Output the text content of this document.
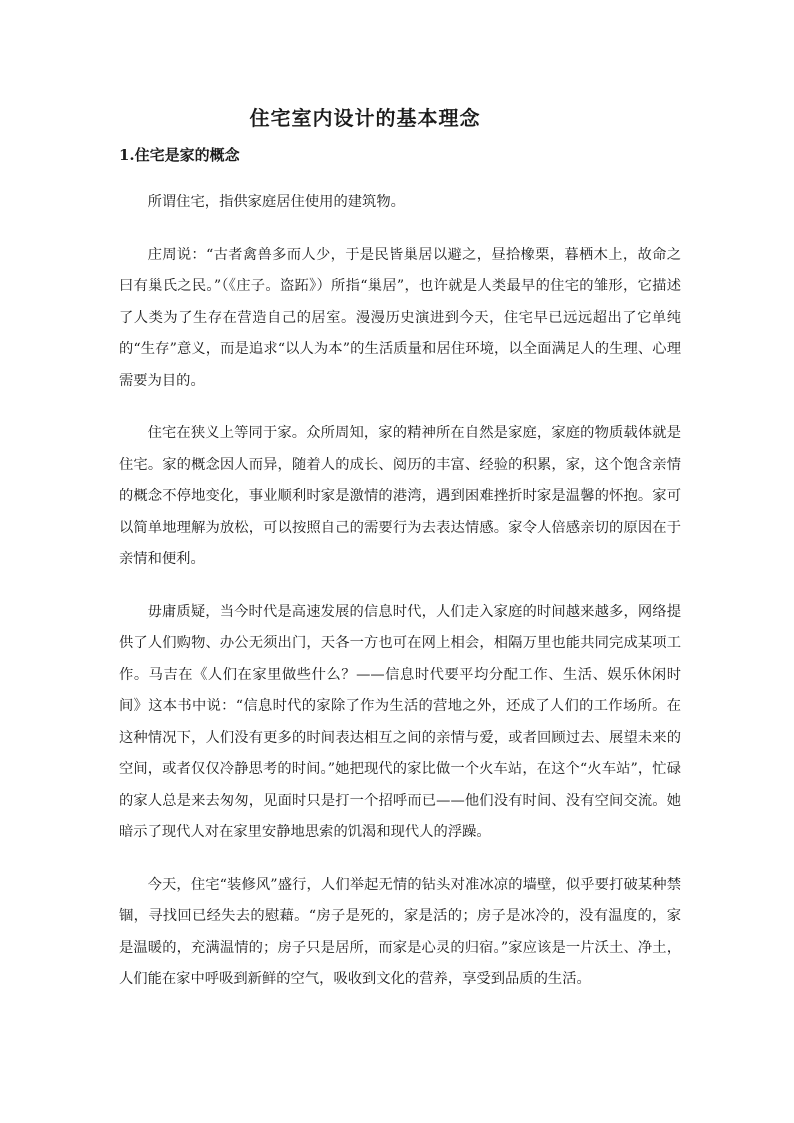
住宅室内设计的基本理念
1.住宅是家的概念

所谓住宅，指供家庭居住使用的建筑物。

庄周说：“古者禽兽多而人少，于是民皆巢居以避之，昼拾橡栗，暮栖木上，故命之曰有巢氏之民。”（《庄子。盗跖》）所指“巢居”，也许就是人类最早的住宅的雏形，它描述了人类为了生存在营造自己的居室。漫漫历史演进到今天，住宅早已远远超出了它单纯的“生存”意义，而是追求“以人为本”的生活质量和居住环境，以全面满足人的生理、心理需要为目的。

住宅在狭义上等同于家。众所周知，家的精神所在自然是家庭，家庭的物质载体就是住宅。家的概念因人而异，随着人的成长、阅历的丰富、经验的积累，家，这个饱含亲情的概念不停地变化，事业顺利时家是激情的港湾，遇到困难挫折时家是温馨的怀抱。家可以简单地理解为放松，可以按照自己的需要行为去表达情感。家令人倍感亲切的原因在于亲情和便利。

毋庸质疑，当今时代是高速发展的信息时代，人们走入家庭的时间越来越多，网络提供了人们购物、办公无须出门，天各一方也可在网上相会，相隔万里也能共同完成某项工作。马吉在《人们在家里做些什么？——信息时代要平均分配工作、生活、娱乐休闲时间》这本书中说：“信息时代的家除了作为生活的营地之外，还成了人们的工作场所。在这种情况下，人们没有更多的时间表达相互之间的亲情与爱，或者回顾过去、展望未来的空间，或者仅仅冷静思考的时间。”她把现代的家比做一个火车站，在这个“火车站”，忙碌的家人总是来去匆匆，见面时只是打一个招呼而已——他们没有时间、没有空间交流。她暗示了现代人对在家里安静地思索的饥渴和现代人的浮躁。

今天，住宅“装修风”盛行，人们举起无情的钻头对准冰凉的墙壁，似乎要打破某种禁锢，寻找回已经失去的慰藉。“房子是死的，家是活的；房子是冰冷的，没有温度的，家是温暖的，充满温情的；房子只是居所，而家是心灵的归宿。”家应该是一片沃土、净土，人们能在家中呼吸到新鲜的空气，吸收到文化的营养，享受到品质的生活。
